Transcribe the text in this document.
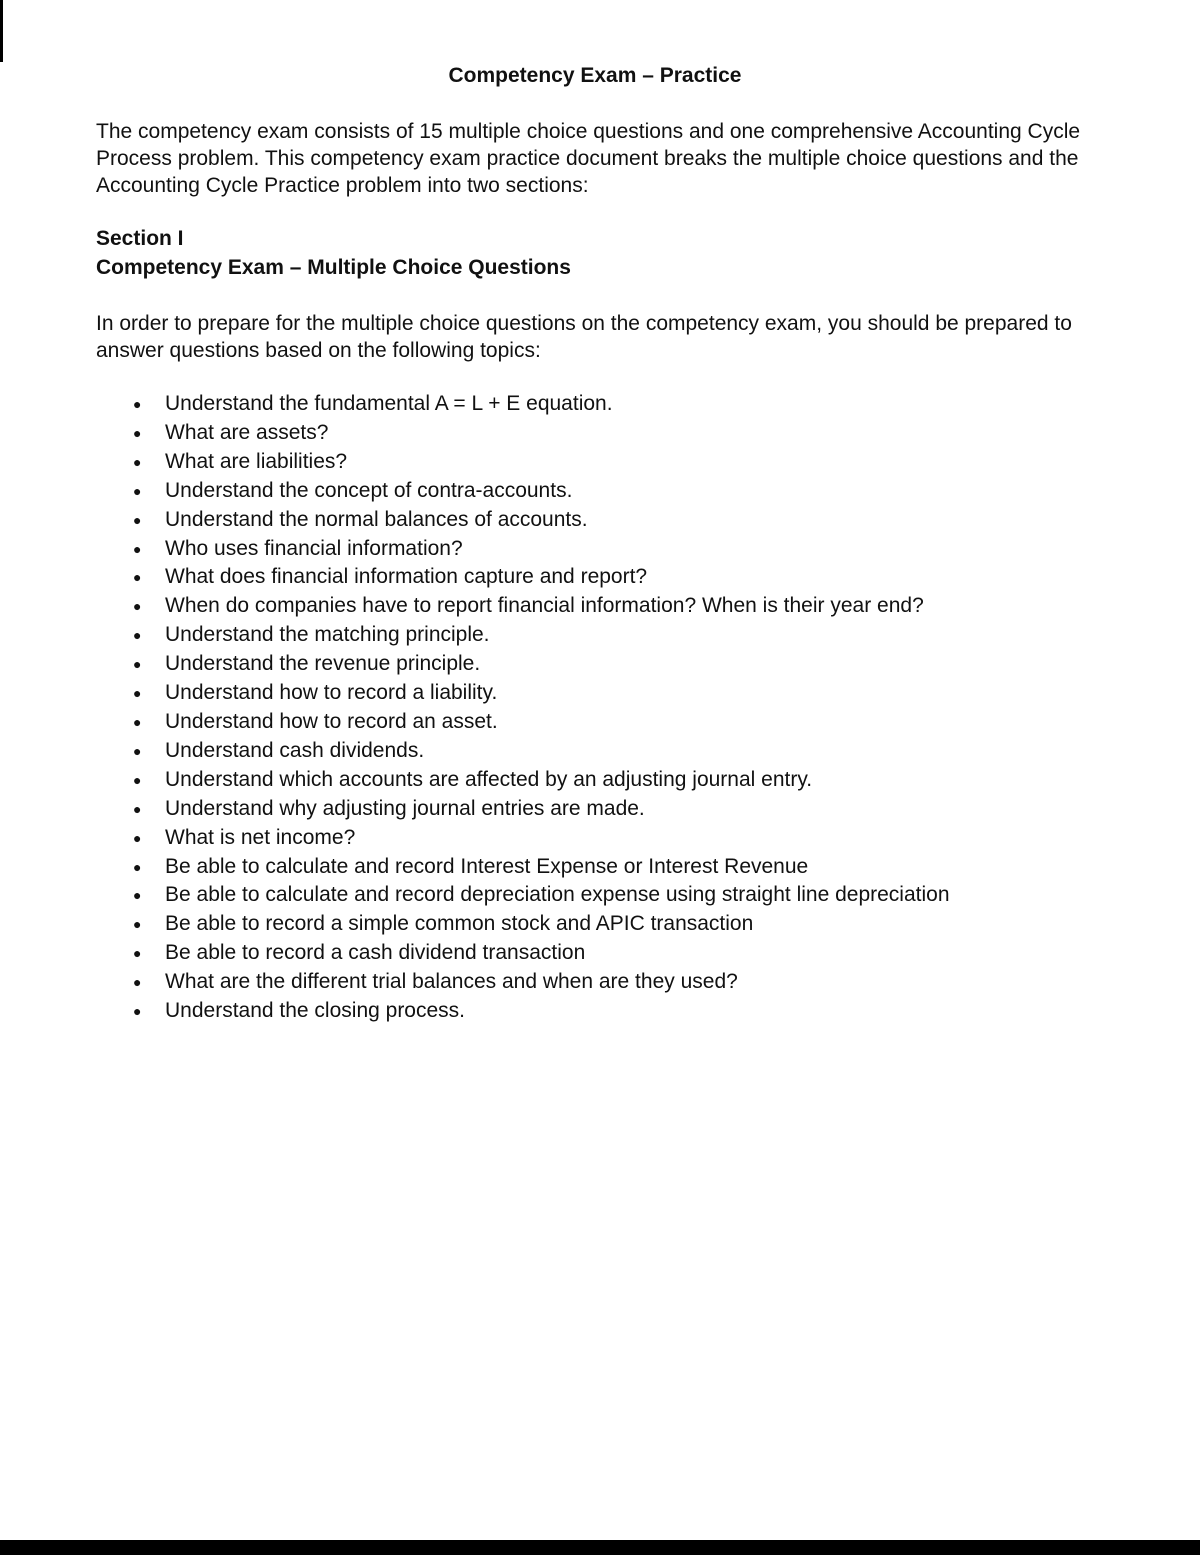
Competency Exam – Practice

The competency exam consists of 15 multiple choice questions and one comprehensive Accounting Cycle Process problem. This competency exam practice document breaks the multiple choice questions and the Accounting Cycle Practice problem into two sections:

Section I
Competency Exam – Multiple Choice Questions

In order to prepare for the multiple choice questions on the competency exam, you should be prepared to answer questions based on the following topics:

● Understand the fundamental A = L + E equation.
● What are assets?
● What are liabilities?
● Understand the concept of contra-accounts.
● Understand the normal balances of accounts.
● Who uses financial information?
● What does financial information capture and report?
● When do companies have to report financial information? When is their year end?
● Understand the matching principle.
● Understand the revenue principle.
● Understand how to record a liability.
● Understand how to record an asset.
● Understand cash dividends.
● Understand which accounts are affected by an adjusting journal entry.
● Understand why adjusting journal entries are made.
● What is net income?
● Be able to calculate and record Interest Expense or Interest Revenue
● Be able to calculate and record depreciation expense using straight line depreciation
● Be able to record a simple common stock and APIC transaction
● Be able to record a cash dividend transaction
● What are the different trial balances and when are they used?
● Understand the closing process.
